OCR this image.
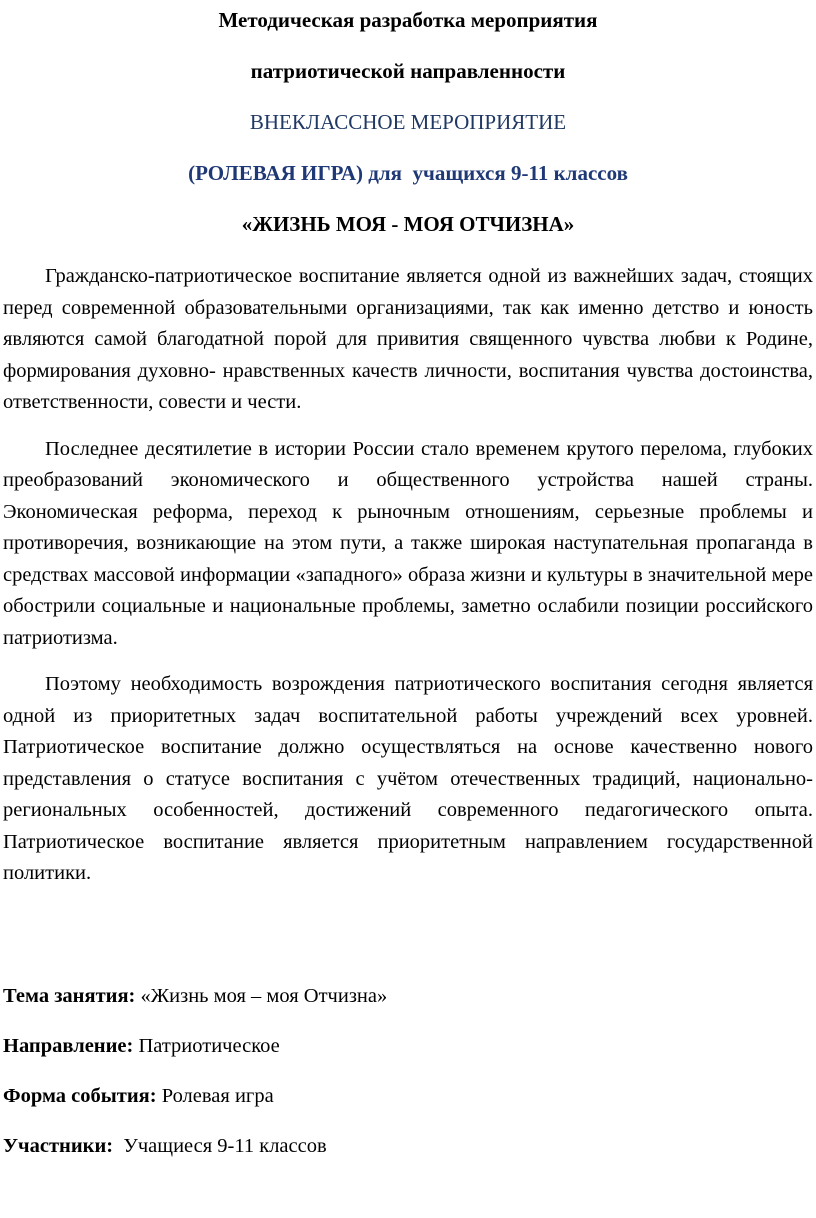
Методическая разработка мероприятия

патриотической направленности

ВНЕКЛАССНОЕ МЕРОПРИЯТИЕ

(РОЛЕВАЯ ИГРА) для  учащихся 9-11 классов

«ЖИЗНЬ МОЯ - МОЯ ОТЧИЗНА»

Гражданско-патриотическое воспитание является одной из важнейших задач, стоящих перед современной образовательными организациями, так как именно детство и юность являются самой благодатной порой для привития священного чувства любви к Родине, формирования духовно- нравственных качеств личности, воспитания чувства достоинства, ответственности, совести и чести.

Последнее десятилетие в истории России стало временем крутого перелома, глубоких преобразований экономического и общественного устройства нашей страны. Экономическая реформа, переход к рыночным отношениям, серьезные проблемы и противоречия, возникающие на этом пути, а также широкая наступательная пропаганда в средствах массовой информации «западного» образа жизни и культуры в значительной мере обострили социальные и национальные проблемы, заметно ослабили позиции российского патриотизма.

Поэтому необходимость возрождения патриотического воспитания сегодня является одной из приоритетных задач воспитательной работы учреждений всех уровней. Патриотическое воспитание должно осуществляться на основе качественно нового представления о статусе воспитания с учётом отечественных традиций, национально-региональных особенностей, достижений современного педагогического опыта. Патриотическое воспитание является приоритетным направлением государственной политики.

Тема занятия: «Жизнь моя – моя Отчизна»

Направление: Патриотическое

Форма события: Ролевая игра

Участники:  Учащиеся 9-11 классов
